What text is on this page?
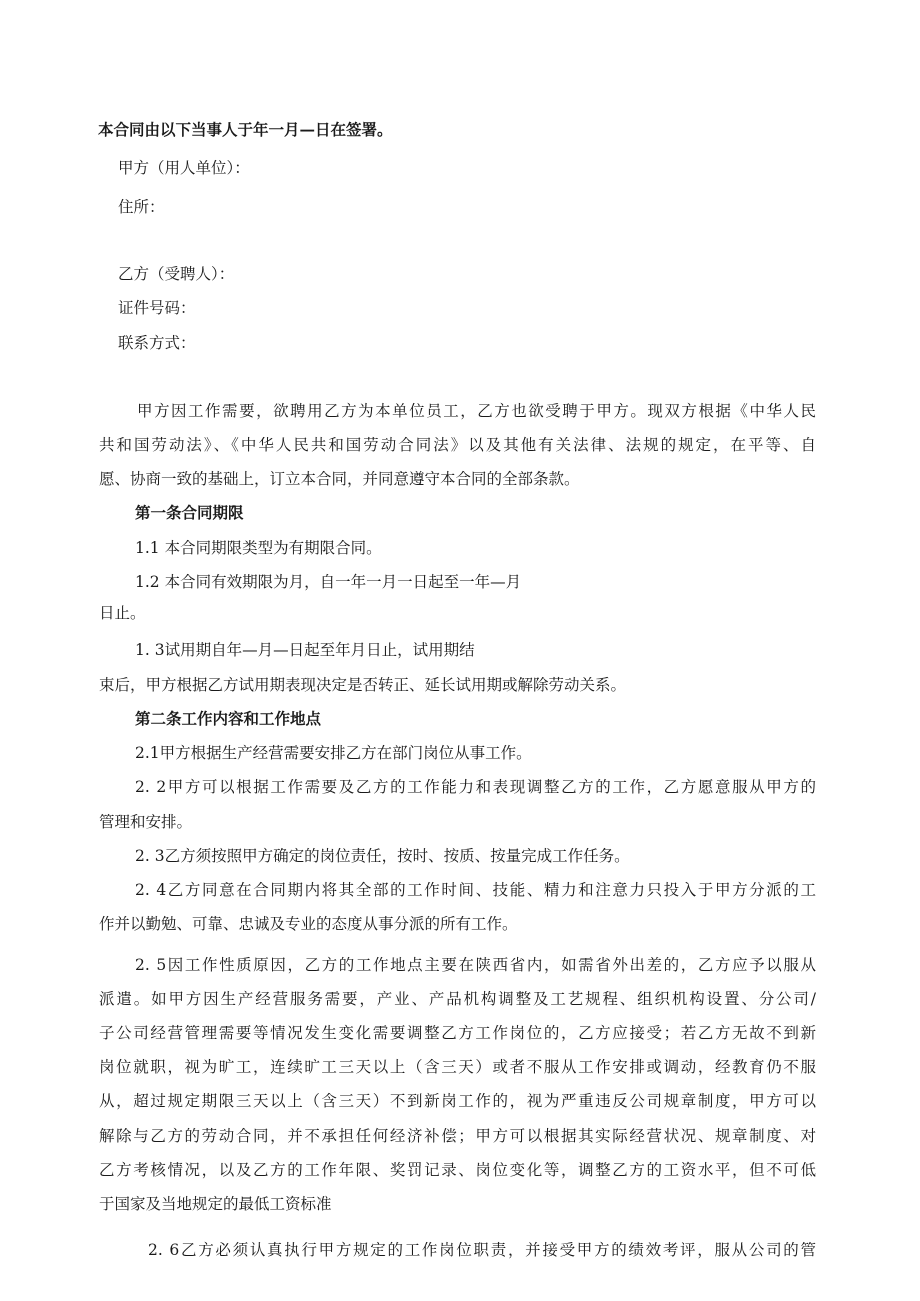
本合同由以下当事人于年一月—日在签署。
甲方（用人单位）：
住所：
乙方（受聘人）：
证件号码：
联系方式：
甲方因工作需要，欲聘用乙方为本单位员工，乙方也欲受聘于甲方。现双方根据《中华人民
共和国劳动法》、《中华人民共和国劳动合同法》以及其他有关法律、法规的规定，在平等、自
愿、协商一致的基础上，订立本合同，并同意遵守本合同的全部条款。
第一条合同期限
1.1 本合同期限类型为有期限合同。
1.2 本合同有效期限为月，自一年一月一日起至一年—月
日止。
1. 3试用期自年—月—日起至年月日止，试用期结
束后，甲方根据乙方试用期表现决定是否转正、延长试用期或解除劳动关系。
第二条工作内容和工作地点
2.1甲方根据生产经营需要安排乙方在部门岗位从事工作。
2. 2甲方可以根据工作需要及乙方的工作能力和表现调整乙方的工作，乙方愿意服从甲方的
管理和安排。
2. 3乙方须按照甲方确定的岗位责任，按时、按质、按量完成工作任务。
2. 4乙方同意在合同期内将其全部的工作时间、技能、精力和注意力只投入于甲方分派的工
作并以勤勉、可靠、忠诚及专业的态度从事分派的所有工作。
2. 5因工作性质原因，乙方的工作地点主要在陕西省内，如需省外出差的，乙方应予以服从
派遣。如甲方因生产经营服务需要，产业、产品机构调整及工艺规程、组织机构设置、分公司/
子公司经营管理需要等情况发生变化需要调整乙方工作岗位的，乙方应接受；若乙方无故不到新
岗位就职，视为旷工，连续旷工三天以上（含三天）或者不服从工作安排或调动，经教育仍不服
从，超过规定期限三天以上（含三天）不到新岗工作的，视为严重违反公司规章制度，甲方可以
解除与乙方的劳动合同，并不承担任何经济补偿；甲方可以根据其实际经营状况、规章制度、对
乙方考核情况，以及乙方的工作年限、奖罚记录、岗位变化等，调整乙方的工资水平，但不可低
于国家及当地规定的最低工资标准
2. 6乙方必须认真执行甲方规定的工作岗位职责，并接受甲方的绩效考评，服从公司的管
